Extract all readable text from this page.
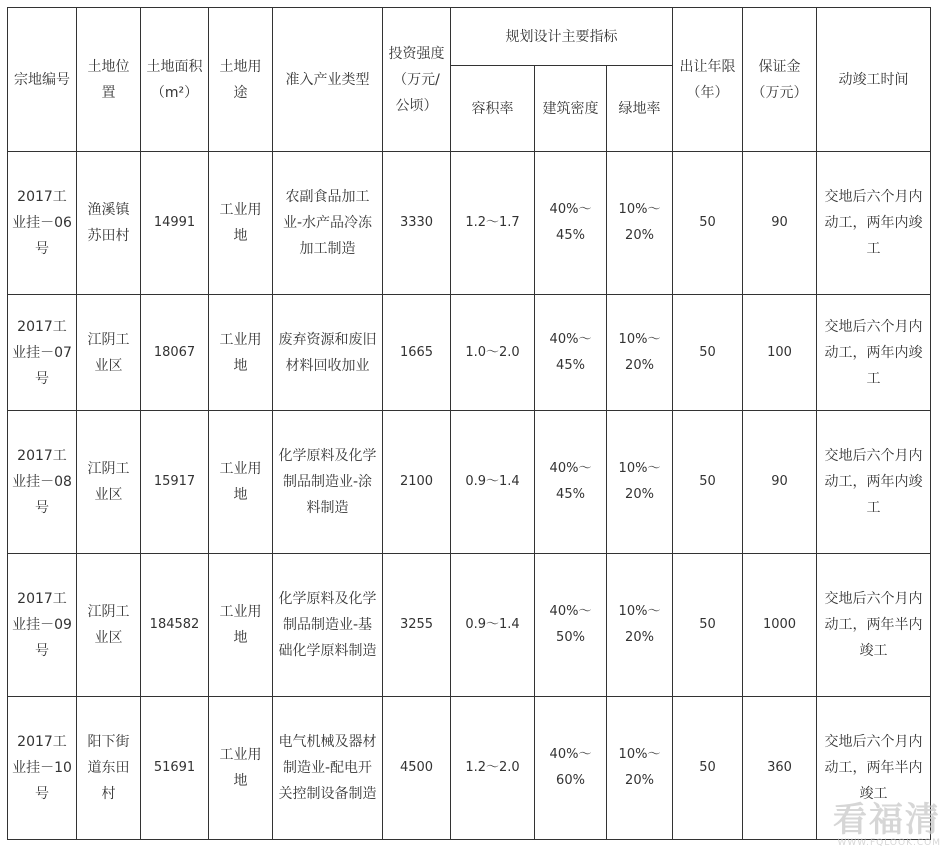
宗地编号	土地位置	土地面积（m²）	土地用途	准入产业类型	投资强度（万元/公顷）	规划设计主要指标			出让年限（年）	保证金（万元）	动竣工时间
						容积率	建筑密度	绿地率			
2017工业挂－06号	渔溪镇苏田村	14991	工业用地	农副食品加工业-水产品冷冻加工制造	3330	1.2～1.7	40%～45%	10%～20%	50	90	交地后六个月内动工，两年内竣工
2017工业挂－07号	江阴工业区	18067	工业用地	废弃资源和废旧材料回收加业	1665	1.0～2.0	40%～45%	10%～20%	50	100	交地后六个月内动工，两年内竣工
2017工业挂－08号	江阴工业区	15917	工业用地	化学原料及化学制品制造业-涂料制造	2100	0.9～1.4	40%～45%	10%～20%	50	90	交地后六个月内动工，两年内竣工
2017工业挂－09号	江阴工业区	184582	工业用地	化学原料及化学制品制造业-基础化学原料制造	3255	0.9～1.4	40%～50%	10%～20%	50	1000	交地后六个月内动工，两年半内竣工
2017工业挂－10号	阳下街道东田村	51691	工业用地	电气机械及器材制造业-配电开关控制设备制造	4500	1.2～2.0	40%～60%	10%～20%	50	360	交地后六个月内动工，两年半内竣工
看福清
WWW.FQLOOK.COM
